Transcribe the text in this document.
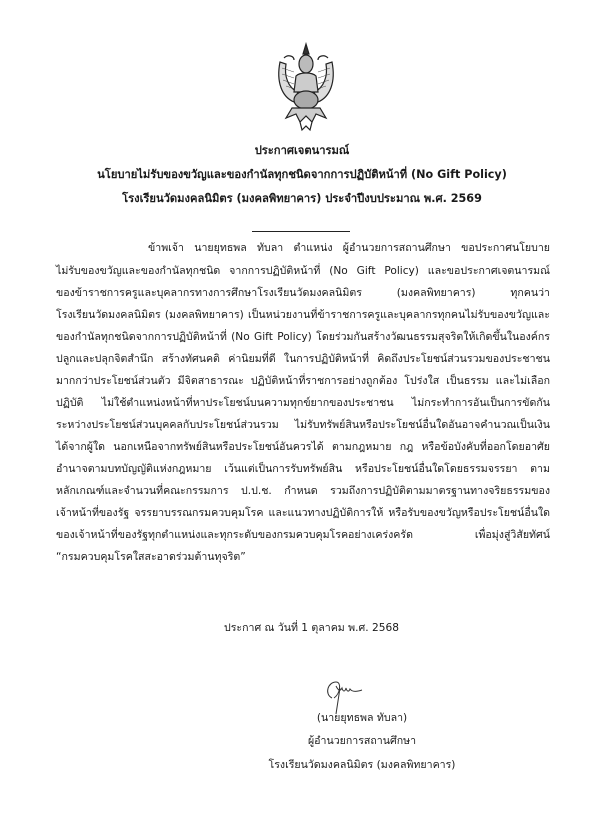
ประกาศเจตนารมณ์
นโยบายไม่รับของขวัญและของกำนัลทุกชนิดจากการปฏิบัติหน้าที่ (No Gift Policy)
โรงเรียนวัดมงคลนิมิตร (มงคลพิทยาคาร) ประจำปีงบประมาณ พ.ศ. 2569
ข้าพเจ้า นายยุทธพล ทับลา ตำแหน่ง ผู้อำนวยการสถานศึกษา ขอประกาศนโยบาย
ไม่รับของขวัญและของกำนัลทุกชนิด จากการปฏิบัติหน้าที่ (No Gift Policy) และขอประกาศเจตนารมณ์
ของข้าราชการครูและบุคลากรทางการศึกษาโรงเรียนวัดมงคลนิมิตร (มงคลพิทยาคาร) ทุกคนว่า
โรงเรียนวัดมงคลนิมิตร (มงคลพิทยาคาร) เป็นหน่วยงานที่ข้าราชการครูและบุคลากรทุกคนไม่รับของขวัญและ
ของกำนัลทุกชนิดจากการปฏิบัติหน้าที่ (No Gift Policy) โดยร่วมกันสร้างวัฒนธรรมสุจริตให้เกิดขึ้นในองค์กร
ปลูกและปลุกจิตสำนึก สร้างทัศนคติ ค่านิยมที่ดี ในการปฏิบัติหน้าที่ คิดถึงประโยชน์ส่วนรวมของประชาชน
มากกว่าประโยชน์ส่วนตัว มีจิตสาธารณะ ปฏิบัติหน้าที่ราชการอย่างถูกต้อง โปร่งใส เป็นธรรม และไม่เลือก
ปฏิบัติ ไม่ใช้ตำแหน่งหน้าที่หาประโยชน์บนความทุกข์ยากของประชาชน ไม่กระทำการอันเป็นการขัดกัน
ระหว่างประโยชน์ส่วนบุคคลกับประโยชน์ส่วนรวม ไม่รับทรัพย์สินหรือประโยชน์อื่นใดอันอาจคำนวณเป็นเงิน
ได้จากผู้ใด นอกเหนือจากทรัพย์สินหรือประโยชน์อันควรได้ ตามกฎหมาย กฎ หรือข้อบังคับที่ออกโดยอาศัย
อำนาจตามบทบัญญัติแห่งกฎหมาย เว้นแต่เป็นการรับทรัพย์สิน หรือประโยชน์อื่นใดโดยธรรมจรรยา ตาม
หลักเกณฑ์และจำนวนที่คณะกรรมการ ป.ป.ช. กำหนด รวมถึงการปฏิบัติตามมาตรฐานทางจริยธรรมของ
เจ้าหน้าที่ของรัฐ จรรยาบรรณกรมควบคุมโรค และแนวทางปฏิบัติการให้ หรือรับของขวัญหรือประโยชน์อื่นใด
ของเจ้าหน้าที่ของรัฐทุกตำแหน่งและทุกระดับของกรมควบคุมโรคอย่างเคร่งครัด เพื่อมุ่งสู่วิสัยทัศน์
“กรมควบคุมโรคใสสะอาดร่วมต้านทุจริต”
ประกาศ ณ วันที่ 1 ตุลาคม พ.ศ. 2568
(นายยุทธพล ทับลา)
ผู้อำนวยการสถานศึกษา
โรงเรียนวัดมงคลนิมิตร (มงคลพิทยาคาร)
